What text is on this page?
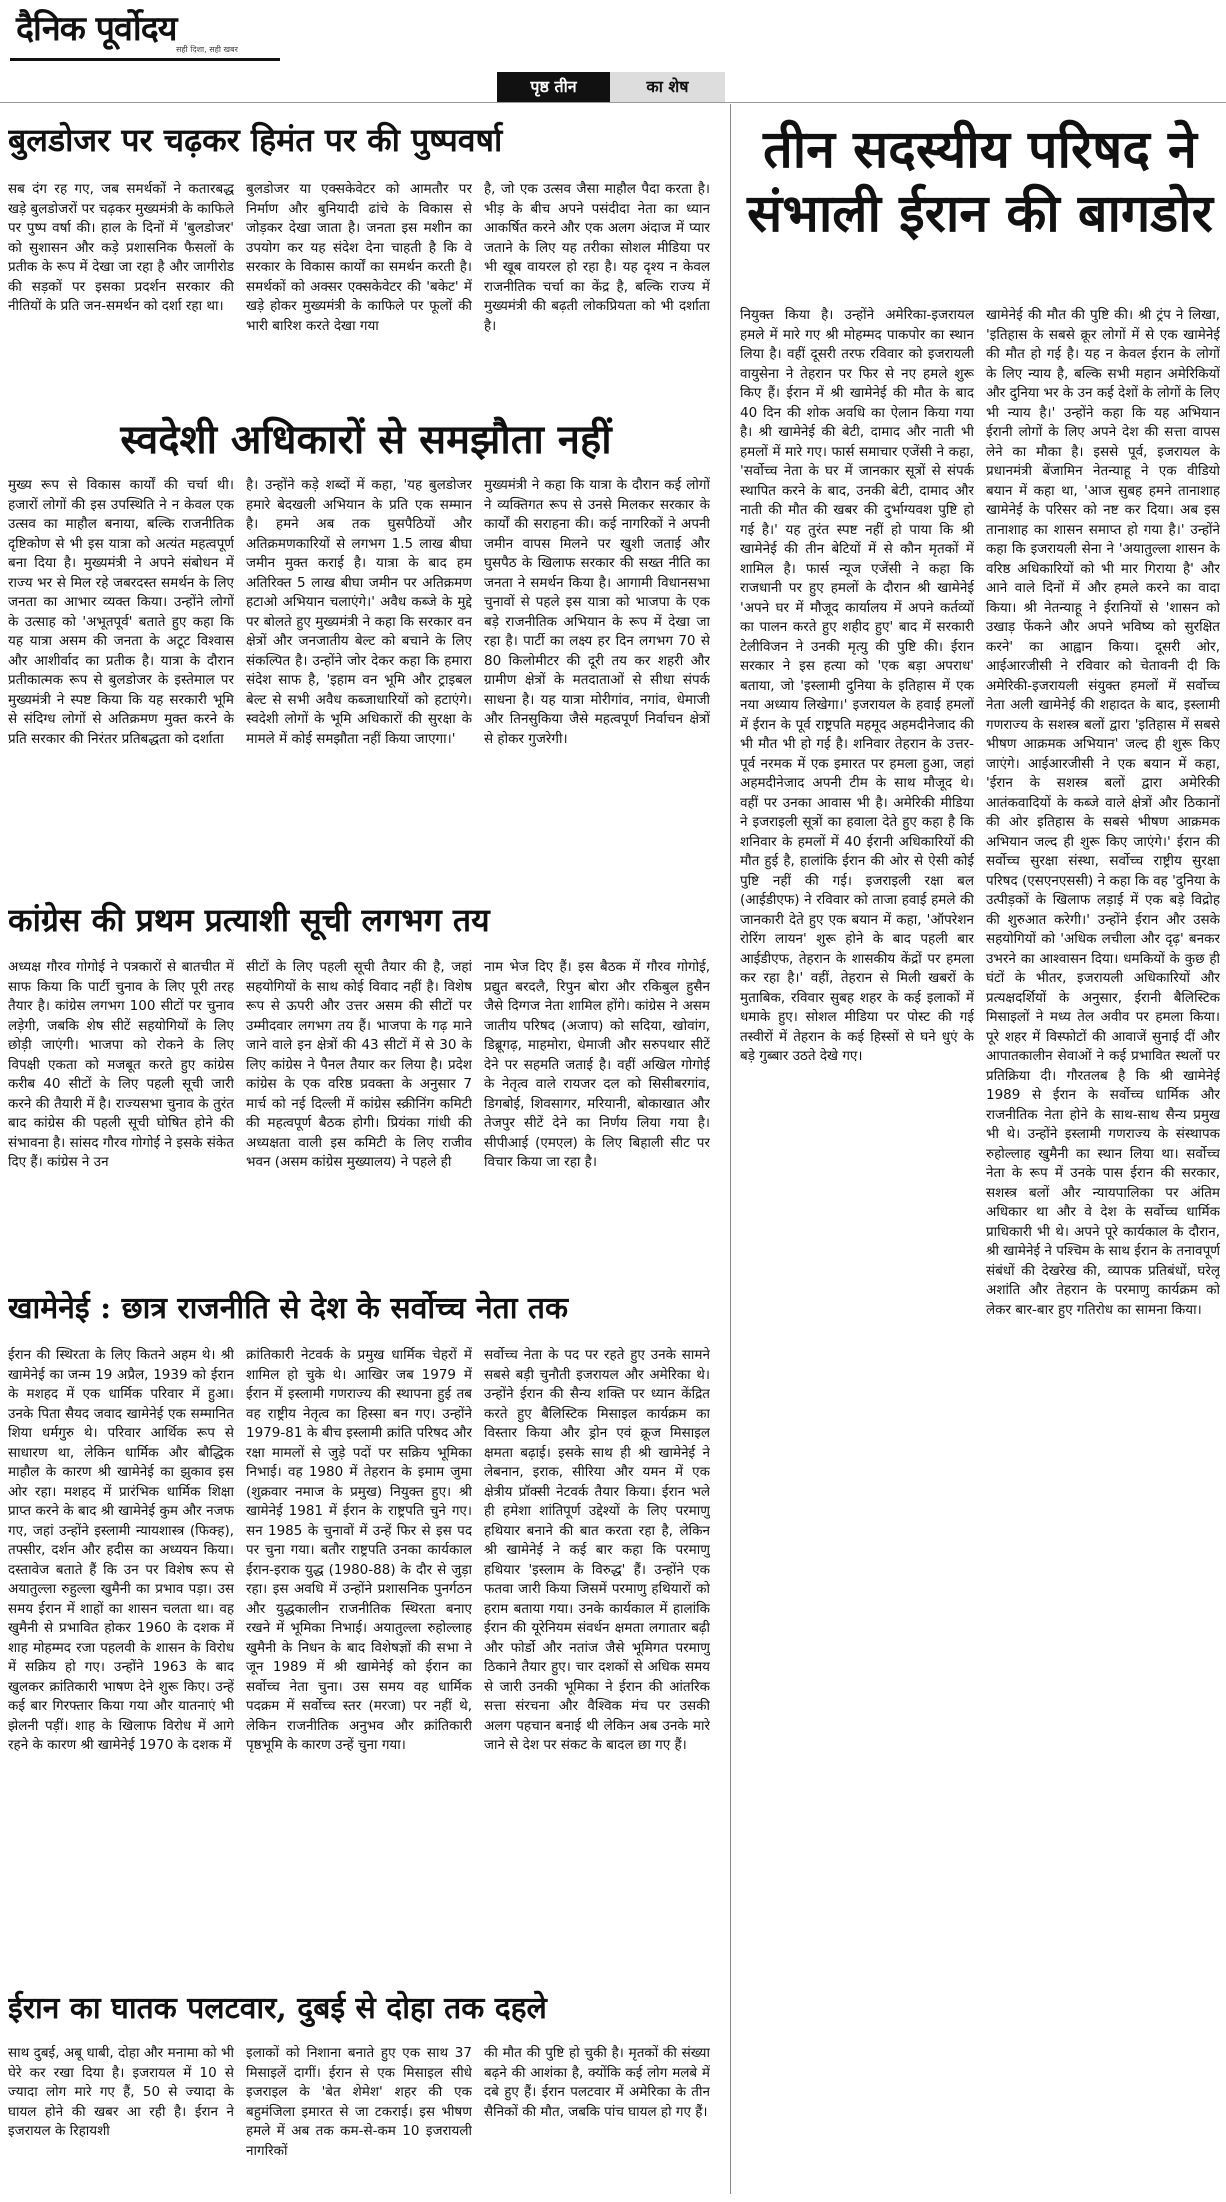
दैनिक पूर्वोदय
सही दिशा, सही खबर
पृष्ठ तीन	का शेष
बुलडोजर पर चढ़कर हिमंत पर की पुष्पवर्षा

सब दंग रह गए, जब समर्थकों ने कतारबद्ध खड़े बुलडोजरों पर चढ़कर मुख्यमंत्री के काफिले पर पुष्प वर्षा की। हाल के दिनों में 'बुलडोजर' को सुशासन और कड़े प्रशासनिक फैसलों के प्रतीक के रूप में देखा जा रहा है और जागीरोड की सड़कों पर इसका प्रदर्शन सरकार की नीतियों के प्रति जन-समर्थन को दर्शा रहा था।

बुलडोजर या एक्सकेवेटर को आमतौर पर निर्माण और बुनियादी ढांचे के विकास से जोड़कर देखा जाता है। जनता इस मशीन का उपयोग कर यह संदेश देना चाहती है कि वे सरकार के विकास कार्यों का समर्थन करती है। समर्थकों को अक्सर एक्सकेवेटर की 'बकेट' में खड़े होकर मुख्यमंत्री के काफिले पर फूलों की भारी बारिश करते देखा गया

है, जो एक उत्सव जैसा माहौल पैदा करता है। भीड़ के बीच अपने पसंदीदा नेता का ध्यान आकर्षित करने और एक अलग अंदाज में प्यार जताने के लिए यह तरीका सोशल मीडिया पर भी खूब वायरल हो रहा है। यह दृश्य न केवल राजनीतिक चर्चा का केंद्र है, बल्कि राज्य में मुख्यमंत्री की बढ़ती लोकप्रियता को भी दर्शाता है।

स्वदेशी अधिकारों से समझौता नहीं

मुख्य रूप से विकास कार्यों की चर्चा थी। हजारों लोगों की इस उपस्थिति ने न केवल एक उत्सव का माहौल बनाया, बल्कि राजनीतिक दृष्टिकोण से भी इस यात्रा को अत्यंत महत्वपूर्ण बना दिया है। मुख्यमंत्री ने अपने संबोधन में राज्य भर से मिल रहे जबरदस्त समर्थन के लिए जनता का आभार व्यक्त किया। उन्होंने लोगों के उत्साह को 'अभूतपूर्व' बताते हुए कहा कि यह यात्रा असम की जनता के अटूट विश्वास और आशीर्वाद का प्रतीक है। यात्रा के दौरान प्रतीकात्मक रूप से बुलडोजर के इस्तेमाल पर मुख्यमंत्री ने स्पष्ट किया कि यह सरकारी भूमि से संदिग्ध लोगों से अतिक्रमण मुक्त करने के प्रति सरकार की निरंतर प्रतिबद्धता को दर्शाता

है। उन्होंने कड़े शब्दों में कहा, 'यह बुलडोजर हमारे बेदखली अभियान के प्रति एक सम्मान है। हमने अब तक घुसपैठियों और अतिक्रमणकारियों से लगभग 1.5 लाख बीघा जमीन मुक्त कराई है। यात्रा के बाद हम अतिरिक्त 5 लाख बीघा जमीन पर अतिक्रमण हटाओ अभियान चलाएंगे।' अवैध कब्जे के मुद्दे पर बोलते हुए मुख्यमंत्री ने कहा कि सरकार वन क्षेत्रों और जनजातीय बेल्ट को बचाने के लिए संकल्पित है। उन्होंने जोर देकर कहा कि हमारा संदेश साफ है, 'इहाम वन भूमि और ट्राइबल बेल्ट से सभी अवैध कब्जाधारियों को हटाएंगे। स्वदेशी लोगों के भूमि अधिकारों की सुरक्षा के मामले में कोई समझौता नहीं किया जाएगा।'

मुख्यमंत्री ने कहा कि यात्रा के दौरान कई लोगों ने व्यक्तिगत रूप से उनसे मिलकर सरकार के कार्यों की सराहना की। कई नागरिकों ने अपनी जमीन वापस मिलने पर खुशी जताई और घुसपैठ के खिलाफ सरकार की सख्त नीति का जनता ने समर्थन किया है। आगामी विधानसभा चुनावों से पहले इस यात्रा को भाजपा के एक बड़े राजनीतिक अभियान के रूप में देखा जा रहा है। पार्टी का लक्ष्य हर दिन लगभग 70 से 80 किलोमीटर की दूरी तय कर शहरी और ग्रामीण क्षेत्रों के मतदाताओं से सीधा संपर्क साधना है। यह यात्रा मोरीगांव, नगांव, धेमाजी और तिनसुकिया जैसे महत्वपूर्ण निर्वाचन क्षेत्रों से होकर गुजरेगी।

कांग्रेस की प्रथम प्रत्याशी सूची लगभग तय

अध्यक्ष गौरव गोगोई ने पत्रकारों से बातचीत में साफ किया कि पार्टी चुनाव के लिए पूरी तरह तैयार है। कांग्रेस लगभग 100 सीटों पर चुनाव लड़ेगी, जबकि शेष सीटें सहयोगियों के लिए छोड़ी जाएंगी। भाजपा को रोकने के लिए विपक्षी एकता को मजबूत करते हुए कांग्रेस करीब 40 सीटों के लिए पहली सूची जारी करने की तैयारी में है। राज्यसभा चुनाव के तुरंत बाद कांग्रेस की पहली सूची घोषित होने की संभावना है। सांसद गौरव गोगोई ने इसके संकेत दिए हैं। कांग्रेस ने उन

सीटों के लिए पहली सूची तैयार की है, जहां सहयोगियों के साथ कोई विवाद नहीं है। विशेष रूप से ऊपरी और उत्तर असम की सीटों पर उम्मीदवार लगभग तय हैं। भाजपा के गढ़ माने जाने वाले इन क्षेत्रों की 43 सीटों में से 30 के लिए कांग्रेस ने पैनल तैयार कर लिया है। प्रदेश कांग्रेस के एक वरिष्ठ प्रवक्ता के अनुसार 7 मार्च को नई दिल्ली में कांग्रेस स्क्रीनिंग कमिटी की महत्वपूर्ण बैठक होगी। प्रियंका गांधी की अध्यक्षता वाली इस कमिटी के लिए राजीव भवन (असम कांग्रेस मुख्यालय) ने पहले ही

नाम भेज दिए हैं। इस बैठक में गौरव गोगोई, प्रद्युत बरदलै, रिपुन बोरा और रकिबुल हुसैन जैसे दिग्गज नेता शामिल होंगे। कांग्रेस ने असम जातीय परिषद (अजाप) को सदिया, खोवांग, डिब्रूगढ़, माहमोरा, धेमाजी और सरुपथार सीटें देने पर सहमति जताई है। वहीं अखिल गोगोई के नेतृत्व वाले रायजर दल को सिसीबरगांव, डिगबोई, शिवसागर, मरियानी, बोकाखात और तेजपुर सीटें देने का निर्णय लिया गया है। सीपीआई (एमएल) के लिए बिहाली सीट पर विचार किया जा रहा है।

खामेनेई : छात्र राजनीति से देश के सर्वोच्च नेता तक

ईरान की स्थिरता के लिए कितने अहम थे। श्री खामेनेई का जन्म 19 अप्रैल, 1939 को ईरान के मशहद में एक धार्मिक परिवार में हुआ। उनके पिता सैयद जवाद खामेनेई एक सम्मानित शिया धर्मगुरु थे। परिवार आर्थिक रूप से साधारण था, लेकिन धार्मिक और बौद्धिक माहौल के कारण श्री खामेनेई का झुकाव इस ओर रहा। मशहद में प्रारंभिक धार्मिक शिक्षा प्राप्त करने के बाद श्री खामेनेई कुम और नजफ गए, जहां उन्होंने इस्लामी न्यायशास्त्र (फिक्ह), तफ्सीर, दर्शन और हदीस का अध्ययन किया। दस्तावेज बताते हैं कि उन पर विशेष रूप से अयातुल्ला रुहुल्ला खुमैनी का प्रभाव पड़ा। उस समय ईरान में शाहों का शासन चलता था। वह खुमैनी से प्रभावित होकर 1960 के दशक में शाह मोहम्मद रजा पहलवी के शासन के विरोध में सक्रिय हो गए। उन्होंने 1963 के बाद खुलकर क्रांतिकारी भाषण देने शुरू किए। उन्हें कई बार गिरफ्तार किया गया और यातनाएं भी झेलनी पड़ीं। शाह के खिलाफ विरोध में आगे रहने के कारण श्री खामेनेई 1970 के दशक में

क्रांतिकारी नेटवर्क के प्रमुख धार्मिक चेहरों में शामिल हो चुके थे। आखिर जब 1979 में ईरान में इस्लामी गणराज्य की स्थापना हुई तब वह राष्ट्रीय नेतृत्व का हिस्सा बन गए। उन्होंने 1979-81 के बीच इस्लामी क्रांति परिषद और रक्षा मामलों से जुड़े पदों पर सक्रिय भूमिका निभाई। वह 1980 में तेहरान के इमाम जुमा (शुक्रवार नमाज के प्रमुख) नियुक्त हुए। श्री खामेनेई 1981 में ईरान के राष्ट्रपति चुने गए। सन 1985 के चुनावों में उन्हें फिर से इस पद पर चुना गया। बतौर राष्ट्रपति उनका कार्यकाल ईरान-इराक युद्ध (1980-88) के दौर से जुड़ा रहा। इस अवधि में उन्होंने प्रशासनिक पुनर्गठन और युद्धकालीन राजनीतिक स्थिरता बनाए रखने में भूमिका निभाई। अयातुल्ला रुहोल्लाह खुमैनी के निधन के बाद विशेषज्ञों की सभा ने जून 1989 में श्री खामेनेई को ईरान का सर्वोच्च नेता चुना। उस समय वह धार्मिक पदक्रम में सर्वोच्च स्तर (मरजा) पर नहीं थे, लेकिन राजनीतिक अनुभव और क्रांतिकारी पृष्ठभूमि के कारण उन्हें चुना गया।

सर्वोच्च नेता के पद पर रहते हुए उनके सामने सबसे बड़ी चुनौती इजरायल और अमेरिका थे। उन्होंने ईरान की सैन्य शक्ति पर ध्यान केंद्रित करते हुए बैलिस्टिक मिसाइल कार्यक्रम का विस्तार किया और ड्रोन एवं क्रूज मिसाइल क्षमता बढ़ाई। इसके साथ ही श्री खामेनेई ने लेबनान, इराक, सीरिया और यमन में एक क्षेत्रीय प्रॉक्सी नेटवर्क तैयार किया। ईरान भले ही हमेशा शांतिपूर्ण उद्देश्यों के लिए परमाणु हथियार बनाने की बात करता रहा है, लेकिन श्री खामेनेई ने कई बार कहा कि परमाणु हथियार 'इस्लाम के विरुद्ध' हैं। उन्होंने एक फतवा जारी किया जिसमें परमाणु हथियारों को हराम बताया गया। उनके कार्यकाल में हालांकि ईरान की यूरेनियम संवर्धन क्षमता लगातार बढ़ी और फोर्डो और नतांज जैसे भूमिगत परमाणु ठिकाने तैयार हुए। चार दशकों से अधिक समय से जारी उनकी भूमिका ने ईरान की आंतरिक सत्ता संरचना और वैश्विक मंच पर उसकी अलग पहचान बनाई थी लेकिन अब उनके मारे जाने से देश पर संकट के बादल छा गए हैं।

ईरान का घातक पलटवार, दुबई से दोहा तक दहले

साथ दुबई, अबू धाबी, दोहा और मनामा को भी घेरे कर रखा दिया है। इजरायल में 10 से ज्यादा लोग मारे गए हैं, 50 से ज्यादा के घायल होने की खबर आ रही है। ईरान ने इजरायल के रिहायशी

इलाकों को निशाना बनाते हुए एक साथ 37 मिसाइलें दागीं। ईरान से एक मिसाइल सीधे इजराइल के 'बेत शेमेश' शहर की एक बहुमंजिला इमारत से जा टकराई। इस भीषण हमले में अब तक कम-से-कम 10 इजरायली नागरिकों

की मौत की पुष्टि हो चुकी है। मृतकों की संख्या बढ़ने की आशंका है, क्योंकि कई लोग मलबे में दबे हुए हैं। ईरान पलटवार में अमेरिका के तीन सैनिकों की मौत, जबकि पांच घायल हो गए हैं।

तीन सदस्यीय परिषद ने संभाली ईरान की बागडोर

नियुक्त किया है। उन्होंने अमेरिका-इजरायल हमले में मारे गए श्री मोहम्मद पाकपोर का स्थान लिया है। वहीं दूसरी तरफ रविवार को इजरायली वायुसेना ने तेहरान पर फिर से नए हमले शुरू किए हैं। ईरान में श्री खामेनेई की मौत के बाद 40 दिन की शोक अवधि का ऐलान किया गया है। श्री खामेनेई की बेटी, दामाद और नाती भी हमलों में मारे गए। फार्स समाचार एजेंसी ने कहा, 'सर्वोच्च नेता के घर में जानकार सूत्रों से संपर्क स्थापित करने के बाद, उनकी बेटी, दामाद और नाती की मौत की खबर की दुर्भाग्यवश पुष्टि हो गई है।' यह तुरंत स्पष्ट नहीं हो पाया कि श्री खामेनेई की तीन बेटियों में से कौन मृतकों में शामिल है। फार्स न्यूज एजेंसी ने कहा कि राजधानी पर हुए हमलों के दौरान श्री खामेनेई 'अपने घर में मौजूद कार्यालय में अपने कर्तव्यों का पालन करते हुए शहीद हुए' बाद में सरकारी टेलीविजन ने उनकी मृत्यु की पुष्टि की। ईरान सरकार ने इस हत्या को 'एक बड़ा अपराध' बताया, जो 'इस्लामी दुनिया के इतिहास में एक नया अध्याय लिखेगा।' इजरायल के हवाई हमलों में ईरान के पूर्व राष्ट्रपति महमूद अहमदीनेजाद की भी मौत भी हो गई है। शनिवार तेहरान के उत्तर-पूर्व नरमक में एक इमारत पर हमला हुआ, जहां अहमदीनेजाद अपनी टीम के साथ मौजूद थे। वहीं पर उनका आवास भी है। अमेरिकी मीडिया ने इजराइली सूत्रों का हवाला देते हुए कहा है कि शनिवार के हमलों में 40 ईरानी अधिकारियों की मौत हुई है, हालांकि ईरान की ओर से ऐसी कोई पुष्टि नहीं की गई। इजराइली रक्षा बल (आईडीएफ) ने रविवार को ताजा हवाई हमले की जानकारी देते हुए एक बयान में कहा, 'ऑपरेशन रोरिंग लायन' शुरू होने के बाद पहली बार आईडीएफ, तेहरान के शासकीय केंद्रों पर हमला कर रहा है।' वहीं, तेहरान से मिली खबरों के मुताबिक, रविवार सुबह शहर के कई इलाकों में धमाके हुए। सोशल मीडिया पर पोस्ट की गई तस्वीरों में तेहरान के कई हिस्सों से घने धुएं के बड़े गुब्बार उठते देखे गए।

खामेनेई की मौत की पुष्टि की। श्री ट्रंप ने लिखा, 'इतिहास के सबसे क्रूर लोगों में से एक खामेनेई की मौत हो गई है। यह न केवल ईरान के लोगों के लिए न्याय है, बल्कि सभी महान अमेरिकियों और दुनिया भर के उन कई देशों के लोगों के लिए भी न्याय है।' उन्होंने कहा कि यह अभियान ईरानी लोगों के लिए अपने देश की सत्ता वापस लेने का मौका है। इससे पूर्व, इजरायल के प्रधानमंत्री बेंजामिन नेतन्याहू ने एक वीडियो बयान में कहा था, 'आज सुबह हमने तानाशाह खामेनेई के परिसर को नष्ट कर दिया। अब इस तानाशाह का शासन समाप्त हो गया है।' उन्होंने कहा कि इजरायली सेना ने 'अयातुल्ला शासन के वरिष्ठ अधिकारियों को भी मार गिराया है' और आने वाले दिनों में और हमले करने का वादा किया। श्री नेतन्याहू ने ईरानियों से 'शासन को उखाड़ फेंकने और अपने भविष्य को सुरक्षित करने' का आह्वान किया। दूसरी ओर, आईआरजीसी ने रविवार को चेतावनी दी कि अमेरिकी-इजरायली संयुक्त हमलों में सर्वोच्च नेता अली खामेनेई की शहादत के बाद, इस्लामी गणराज्य के सशस्त्र बलों द्वारा 'इतिहास में सबसे भीषण आक्रमक अभियान' जल्द ही शुरू किए जाएंगे। आईआरजीसी ने एक बयान में कहा, 'ईरान के सशस्त्र बलों द्वारा अमेरिकी आतंकवादियों के कब्जे वाले क्षेत्रों और ठिकानों की ओर इतिहास के सबसे भीषण आक्रमक अभियान जल्द ही शुरू किए जाएंगे।' ईरान की सर्वोच्च सुरक्षा संस्था, सर्वोच्च राष्ट्रीय सुरक्षा परिषद (एसएनएससी) ने कहा कि वह 'दुनिया के उत्पीड़कों के खिलाफ लड़ाई में एक बड़े विद्रोह की शुरुआत करेगी।' उन्होंने ईरान और उसके सहयोगियों को 'अधिक लचीला और दृढ़' बनकर उभरने का आश्वासन दिया। धमकियों के कुछ ही घंटों के भीतर, इजरायली अधिकारियों और प्रत्यक्षदर्शियों के अनुसार, ईरानी बैलिस्टिक मिसाइलों ने मध्य तेल अवीव पर हमला किया। पूरे शहर में विस्फोटों की आवाजें सुनाई दीं और आपातकालीन सेवाओं ने कई प्रभावित स्थलों पर प्रतिक्रिया दी। गौरतलब है कि श्री खामेनेई 1989 से ईरान के सर्वोच्च धार्मिक और राजनीतिक नेता होने के साथ-साथ सैन्य प्रमुख भी थे। उन्होंने इस्लामी गणराज्य के संस्थापक रुहोल्लाह खुमैनी का स्थान लिया था। सर्वोच्च नेता के रूप में उनके पास ईरान की सरकार, सशस्त्र बलों और न्यायपालिका पर अंतिम अधिकार था और वे देश के सर्वोच्च धार्मिक प्राधिकारी भी थे। अपने पूरे कार्यकाल के दौरान, श्री खामेनेई ने पश्चिम के साथ ईरान के तनावपूर्ण संबंधों की देखरेख की, व्यापक प्रतिबंधों, घरेलू अशांति और तेहरान के परमाणु कार्यक्रम को लेकर बार-बार हुए गतिरोध का सामना किया।
